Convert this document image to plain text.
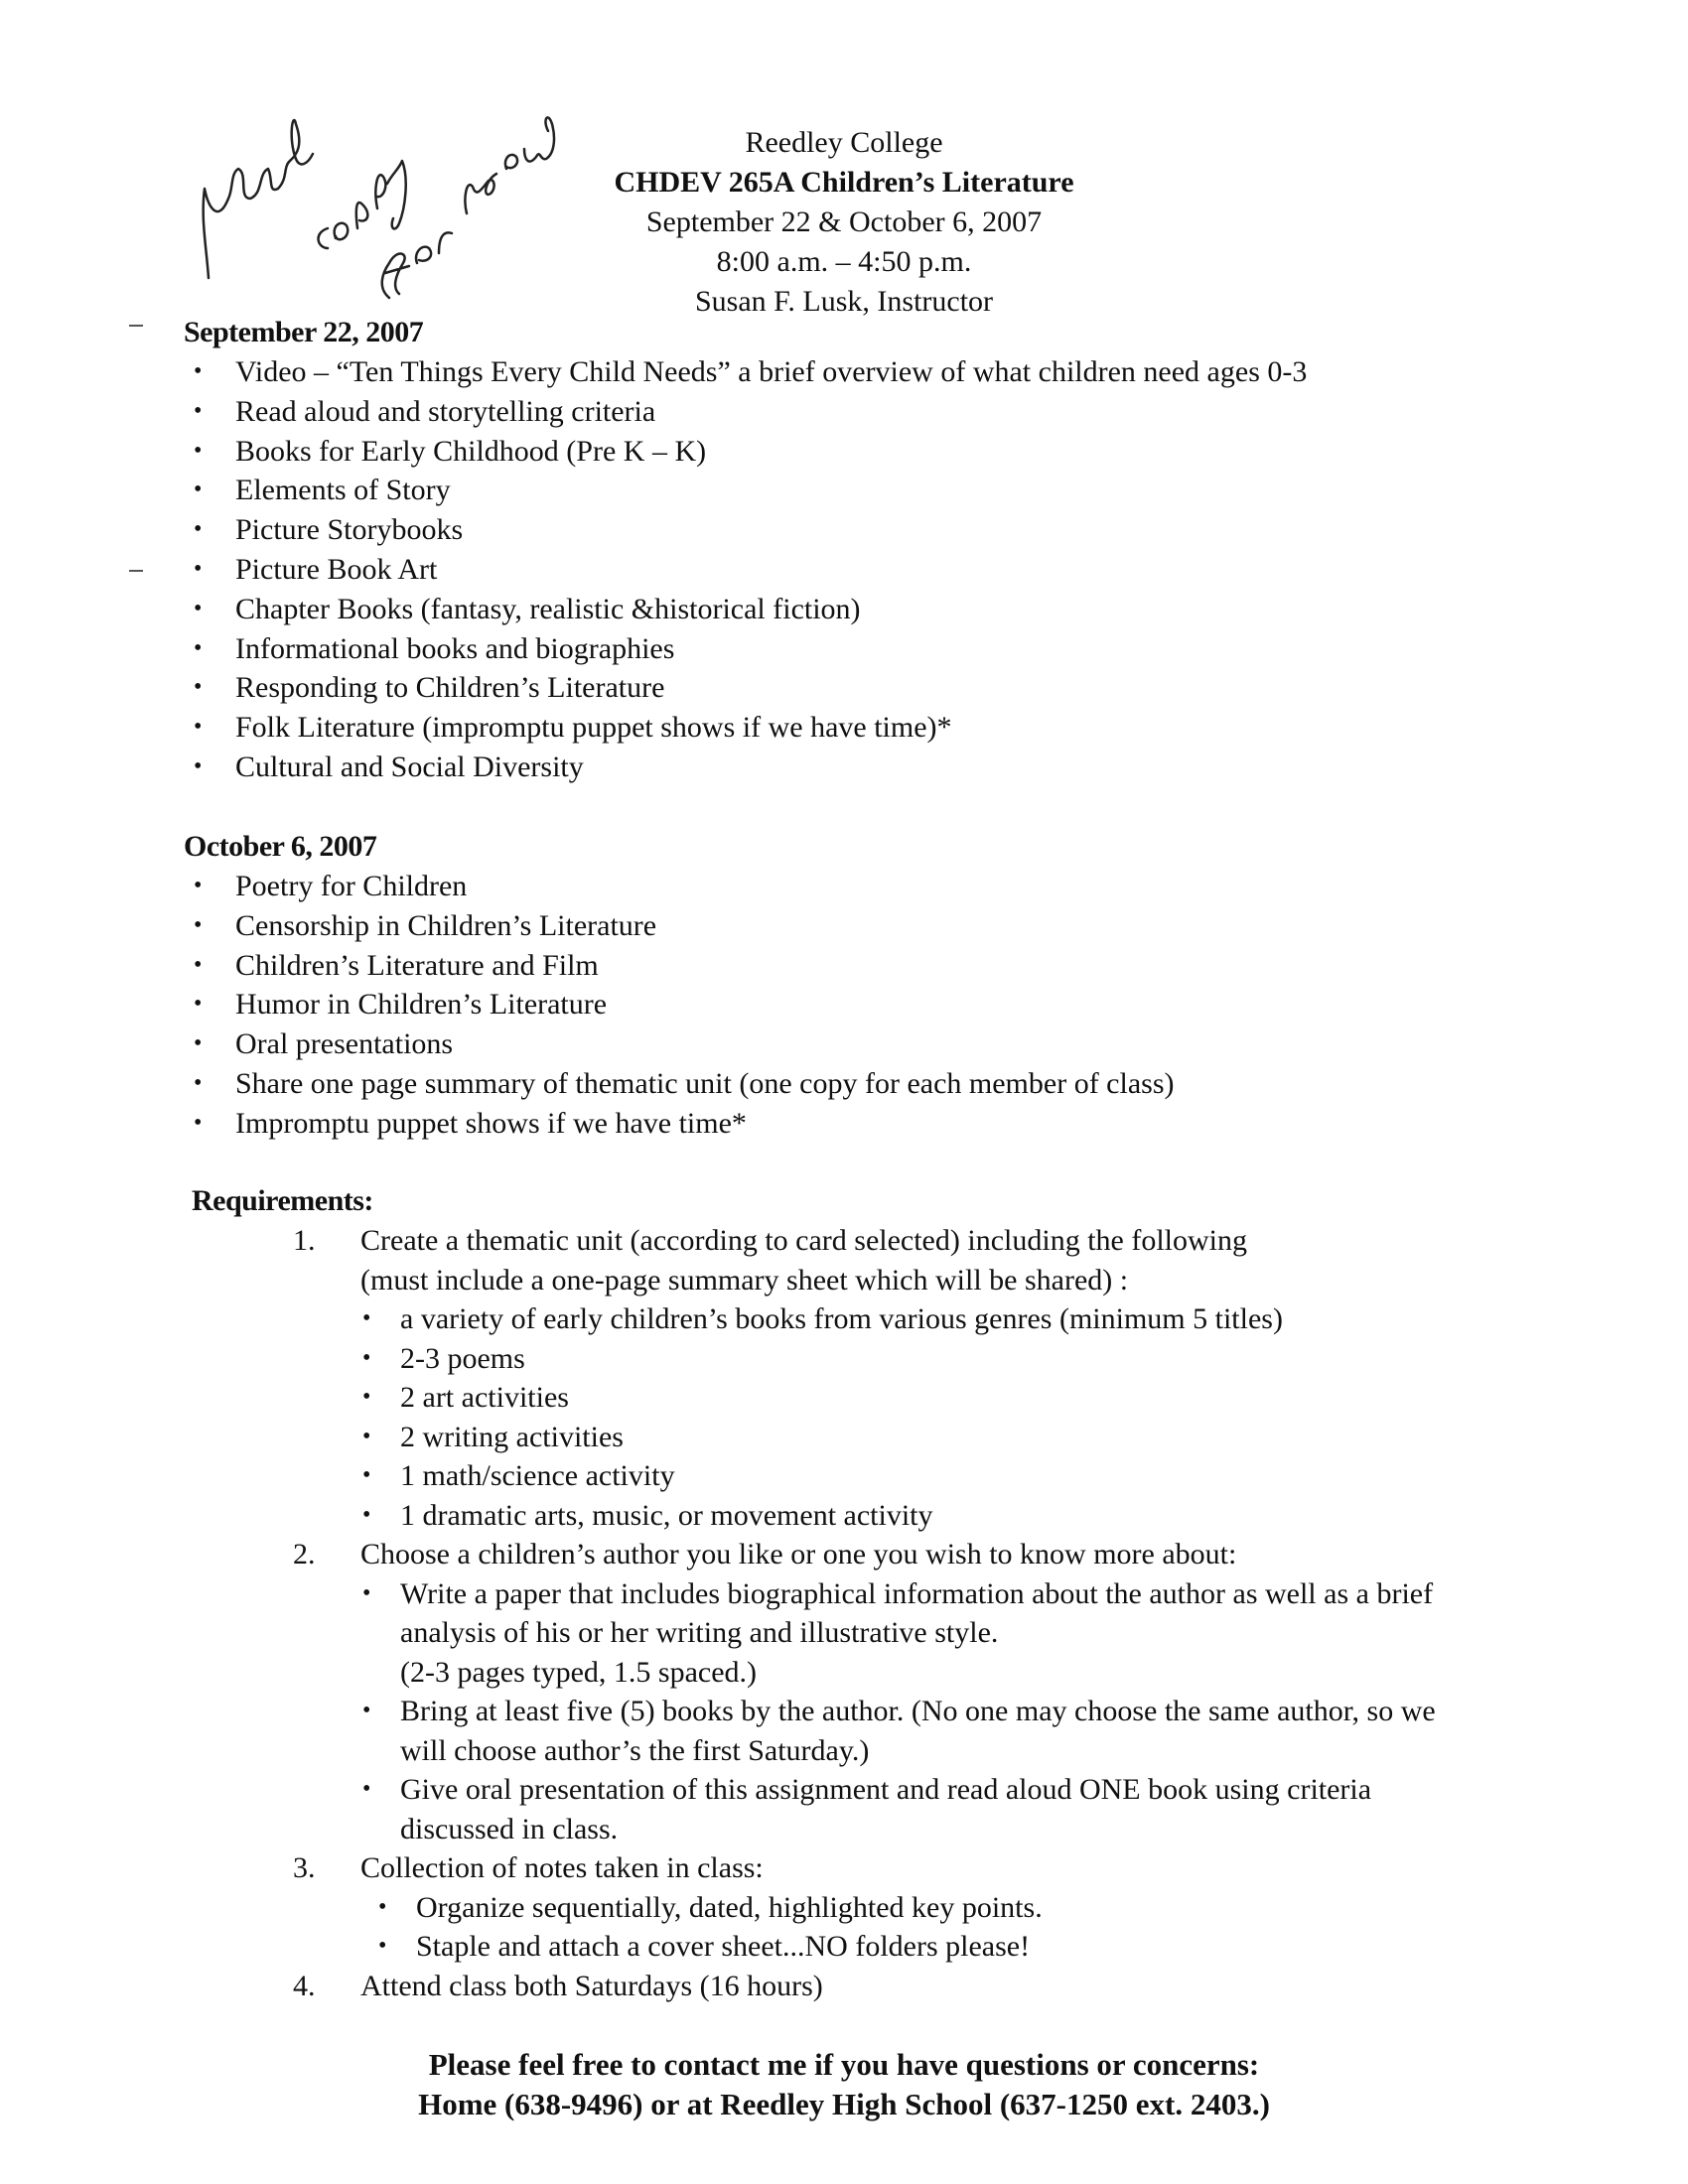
Reedley College
CHDEV 265A Children’s Literature
September 22 & October 6, 2007
8:00 a.m. – 4:50 p.m.
Susan F. Lusk, Instructor
September 22, 2007
• Video – “Ten Things Every Child Needs” a brief overview of what children need ages 0-3
• Read aloud and storytelling criteria
• Books for Early Childhood (Pre K – K)
• Elements of Story
• Picture Storybooks
• Picture Book Art
• Chapter Books (fantasy, realistic &historical fiction)
• Informational books and biographies
• Responding to Children’s Literature
• Folk Literature (impromptu puppet shows if we have time)*
• Cultural and Social Diversity
October 6, 2007
• Poetry for Children
• Censorship in Children’s Literature
• Children’s Literature and Film
• Humor in Children’s Literature
• Oral presentations
• Share one page summary of thematic unit (one copy for each member of class)
• Impromptu puppet shows if we have time*
Requirements:
1. Create a thematic unit (according to card selected) including the following
(must include a one-page summary sheet which will be shared) :
• a variety of early children’s books from various genres (minimum 5 titles)
• 2-3 poems
• 2 art activities
• 2 writing activities
• 1 math/science activity
• 1 dramatic arts, music, or movement activity
2. Choose a children’s author you like or one you wish to know more about:
• Write a paper that includes biographical information about the author as well as a brief analysis of his or her writing and illustrative style.
(2-3 pages typed, 1.5 spaced.)
• Bring at least five (5) books by the author. (No one may choose the same author, so we will choose author’s the first Saturday.)
• Give oral presentation of this assignment and read aloud ONE book using criteria discussed in class.
3. Collection of notes taken in class:
• Organize sequentially, dated, highlighted key points.
• Staple and attach a cover sheet...NO folders please!
4. Attend class both Saturdays (16 hours)
Please feel free to contact me if you have questions or concerns:
Home (638-9496) or at Reedley High School (637-1250 ext. 2403.)
